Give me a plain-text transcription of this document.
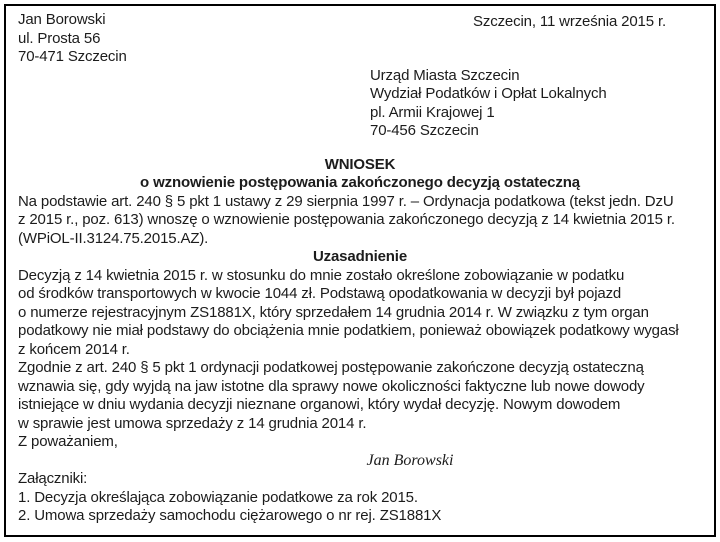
Szczecin, 11 września 2015 r.
Jan Borowski
ul. Prosta 56
70-471 Szczecin
Urząd Miasta Szczecin
Wydział Podatków i Opłat Lokalnych
pl. Armii Krajowej 1
70-456 Szczecin
WNIOSEK
o wznowienie postępowania zakończonego decyzją ostateczną
Na podstawie art. 240 § 5 pkt 1 ustawy z 29 sierpnia 1997 r. – Ordynacja podatkowa (tekst jedn. DzU
z 2015 r., poz. 613) wnoszę o wznowienie postępowania zakończonego decyzją z 14 kwietnia 2015 r.
(WPiOL-II.3124.75.2015.AZ).
Uzasadnienie
Decyzją z 14 kwietnia 2015 r. w stosunku do mnie zostało określone zobowiązanie w podatku
od środków transportowych w kwocie 1044 zł. Podstawą opodatkowania w decyzji był pojazd
o numerze rejestracyjnym ZS1881X, który sprzedałem 14 grudnia 2014 r. W związku z tym organ
podatkowy nie miał podstawy do obciążenia mnie podatkiem, ponieważ obowiązek podatkowy wygasł
z końcem 2014 r.
Zgodnie z art. 240 § 5 pkt 1 ordynacji podatkowej postępowanie zakończone decyzją ostateczną
wznawia się, gdy wyjdą na jaw istotne dla sprawy nowe okoliczności faktyczne lub nowe dowody
istniejące w dniu wydania decyzji nieznane organowi, który wydał decyzję. Nowym dowodem
w sprawie jest umowa sprzedaży z 14 grudnia 2014 r.
Z poważaniem,
Jan Borowski
Załączniki:
1. Decyzja określająca zobowiązanie podatkowe za rok 2015.
2. Umowa sprzedaży samochodu ciężarowego o nr rej. ZS1881X
